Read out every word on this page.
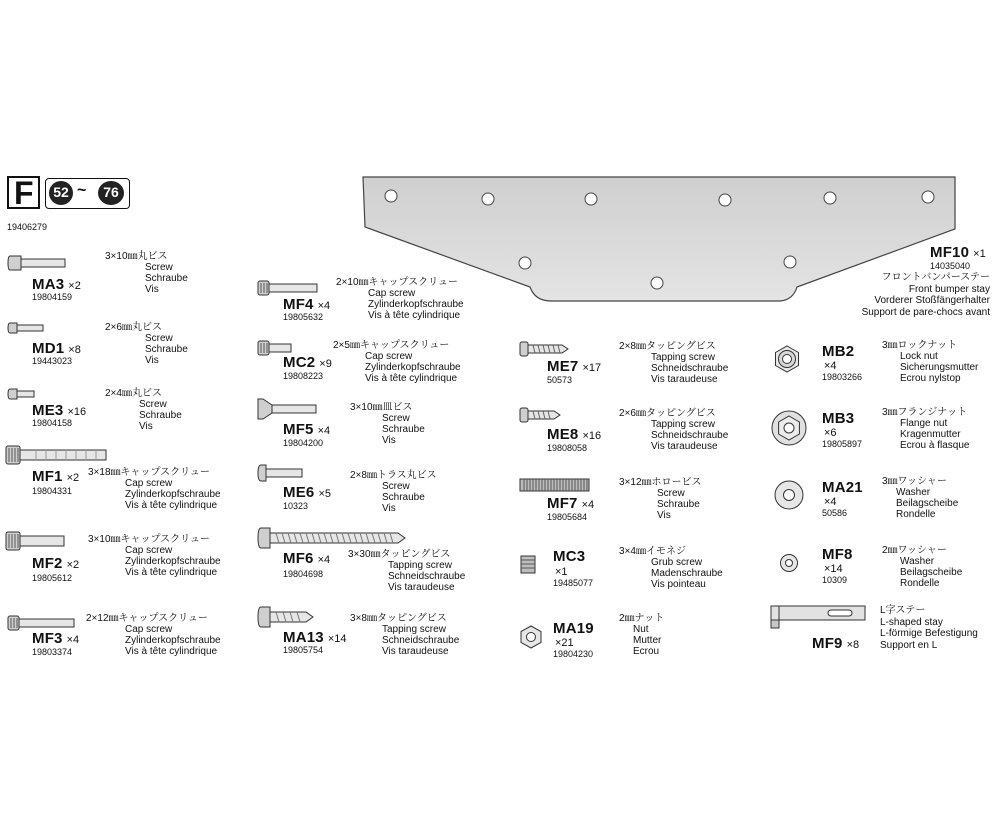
F	52 ~	76
19406279
MF10 ×1
14035040
フロントバンパーステー
Front bumper stay
Vorderer Stoßfängerhalter
Support de pare-chocs avant
MA3 ×2
19804159
3×10㎜丸ビス
Screw
Schraube
Vis
MD1 ×8
19443023
2×6㎜丸ビス
Screw
Schraube
Vis
ME3 ×16
19804158
2×4㎜丸ビス
Screw
Schraube
Vis
MF1 ×2
19804331
3×18㎜キャップスクリュー
Cap screw
Zylinderkopfschraube
Vis à tête cylindrique
MF2 ×2
19805612
3×10㎜キャップスクリュー
Cap screw
Zylinderkopfschraube
Vis à tête cylindrique
MF3 ×4
19803374
2×12㎜キャップスクリュー
Cap screw
Zylinderkopfschraube
Vis à tête cylindrique
MF4 ×4
19805632
2×10㎜キャップスクリュー
Cap screw
Zylinderkopfschraube
Vis à tête cylindrique
MC2 ×9
19808223
2×5㎜キャップスクリュー
Cap screw
Zylinderkopfschraube
Vis à tête cylindrique
MF5 ×4
19804200
3×10㎜皿ビス
Screw
Schraube
Vis
ME6 ×5
10323
2×8㎜トラス丸ビス
Screw
Schraube
Vis
MF6 ×4
19804698
3×30㎜タッピングビス
Tapping screw
Schneidschraube
Vis taraudeuse
MA13 ×14
19805754
3×8㎜タッピングビス
Tapping screw
Schneidschraube
Vis taraudeuse
ME7 ×17
50573
2×8㎜タッピングビス
Tapping screw
Schneidschraube
Vis taraudeuse
ME8 ×16
19808058
2×6㎜タッピングビス
Tapping screw
Schneidschraube
Vis taraudeuse
MF7 ×4
19805684
3×12㎜ホロービス
Screw
Schraube
Vis
MC3
×1
19485077
3×4㎜イモネジ
Grub screw
Madenschraube
Vis pointeau
MA19
×21
19804230
2㎜ナット
Nut
Mutter
Ecrou
MB2
×4
19803266
3㎜ロックナット
Lock nut
Sicherungsmutter
Ecrou nylstop
MB3
×6
19805897
3㎜フランジナット
Flange nut
Kragenmutter
Ecrou à flasque
MA21
×4
50586
3㎜ワッシャー
Washer
Beilagscheibe
Rondelle
MF8
×14
10309
2㎜ワッシャー
Washer
Beilagscheibe
Rondelle
MF9 ×8
L字ステー
L-shaped stay
L-förmige Befestigung
Support en L
